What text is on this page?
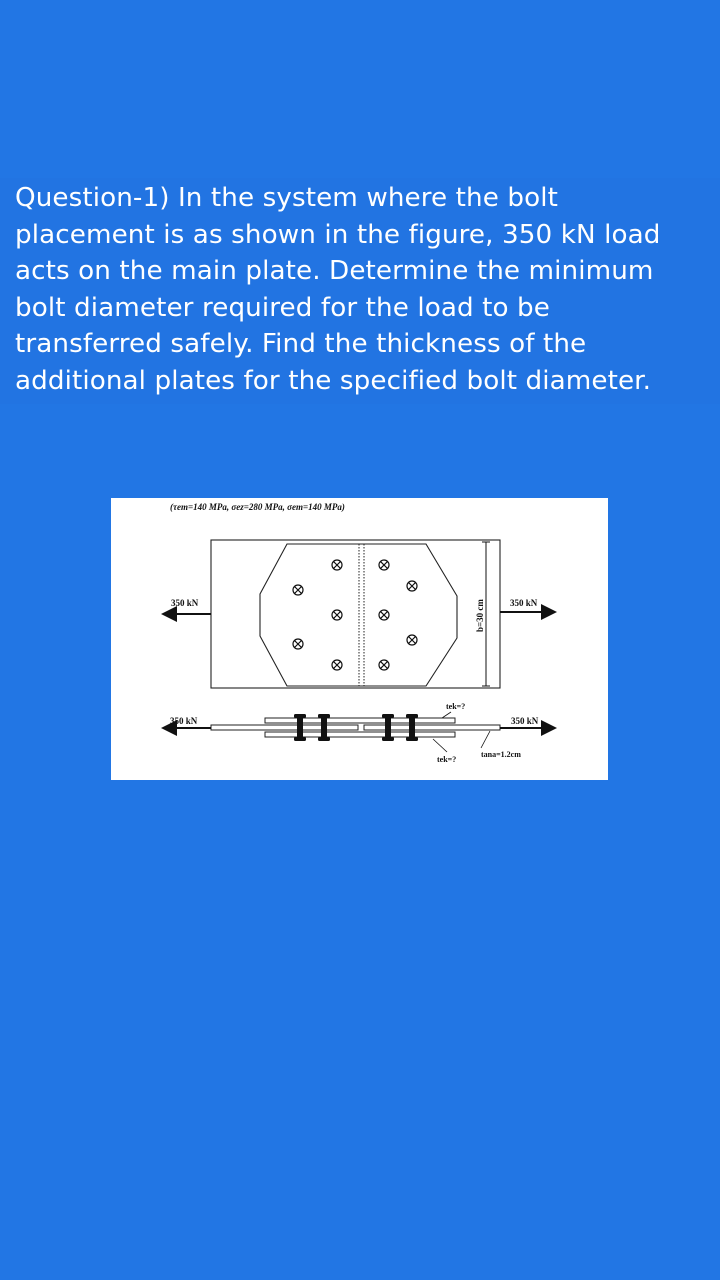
Question-1) In the system where the bolt

placement is as shown in the figure, 350 kN load

acts on the main plate. Determine the minimum

bolt diameter required for the load to be

transferred safely. Find the thickness of the

additional plates for the specified bolt diameter.

(τem=140 MPa, σez=280 MPa, σem=140 MPa)
b=30 cm
350 kN	350 kN
tek=?
350 kN	350 kN
tek=?
tana=1.2cm
